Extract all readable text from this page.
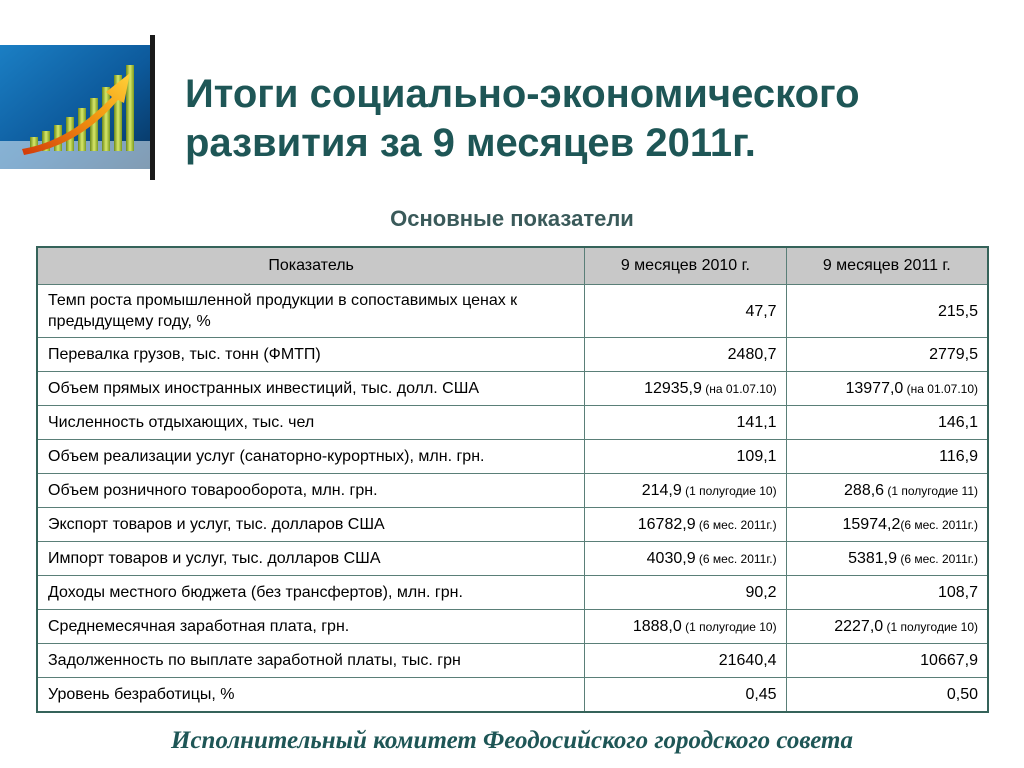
Итоги социально-экономического
развития за 9 месяцев 2011г.
Основные показатели
Показатель	9 месяцев 2010 г.	9 месяцев 2011 г.
Темп роста промышленной продукции в сопоставимых ценах к предыдущему году, %	47,7	215,5
Перевалка грузов, тыс. тонн (ФМТП)	2480,7	2779,5
Объем прямых иностранных инвестиций, тыс. долл. США	12935,9 (на 01.07.10)	13977,0 (на 01.07.10)
Численность отдыхающих, тыс. чел	141,1	146,1
Объем реализации услуг (санаторно-курортных), млн. грн.	109,1	116,9
Объем розничного товарооборота, млн. грн.	214,9 (1 полугодие 10)	288,6 (1 полугодие 11)
Экспорт товаров и услуг, тыс. долларов США	16782,9 (6 мес. 2011г.)	15974,2(6 мес. 2011г.)
Импорт товаров и услуг, тыс. долларов США	4030,9 (6 мес. 2011г.)	5381,9 (6 мес. 2011г.)
Доходы местного бюджета (без трансфертов), млн. грн.	90,2	108,7
Среднемесячная заработная плата, грн.	1888,0 (1 полугодие 10)	2227,0 (1 полугодие 10)
Задолженность по выплате заработной платы, тыс. грн	21640,4	10667,9
Уровень безработицы, %	0,45	0,50
Исполнительный комитет Феодосийского городского совета
